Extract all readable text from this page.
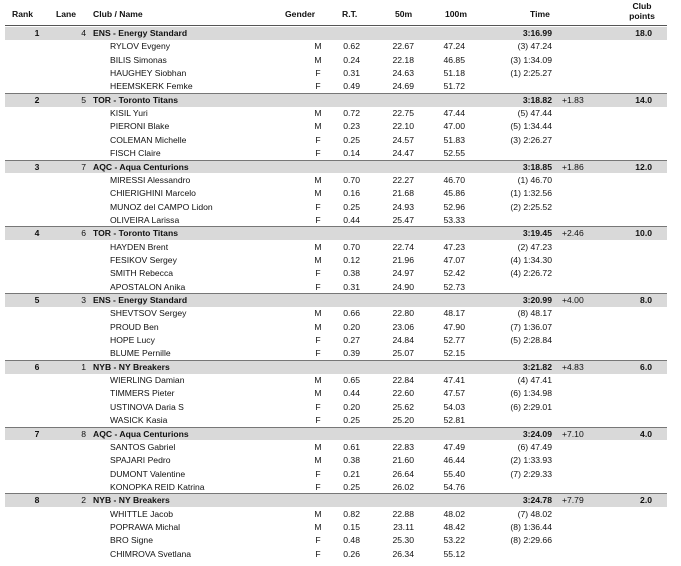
Rank	Lane Club / Name	Gender	R.T.	50m	100m	Time
Club
points
1	4 ENS - Energy Standard	3:16.99	18.0
RYLOV Evgeny	M	0.62	22.67	47.24	(3) 47.24
BILIS Simonas	M	0.24	22.18	46.85	(3) 1:34.09
HAUGHEY Siobhan	F	0.31	24.63	51.18	(1) 2:25.27
HEEMSKERK Femke	F	0.49	24.69	51.72
2	5 TOR - Toronto Titans	3:18.82 +1.83	14.0
KISIL Yuri	M	0.72	22.75	47.44	(5) 47.44
PIERONI Blake	M	0.23	22.10	47.00	(5) 1:34.44
COLEMAN Michelle	F	0.25	24.57	51.83	(3) 2:26.27
FISCH Claire	F	0.14	24.47	52.55
3	7 AQC - Aqua Centurions	3:18.85 +1.86	12.0
MIRESSI Alessandro	M	0.70	22.27	46.70	(1) 46.70
CHIERIGHINI Marcelo	M	0.16	21.68	45.86	(1) 1:32.56
MUNOZ del CAMPO Lidon	F	0.25	24.93	52.96	(2) 2:25.52
OLIVEIRA Larissa	F	0.44	25.47	53.33
4	6 TOR - Toronto Titans	3:19.45 +2.46	10.0
HAYDEN Brent	M	0.70	22.74	47.23	(2) 47.23
FESIKOV Sergey	M	0.12	21.96	47.07	(4) 1:34.30
SMITH Rebecca	F	0.38	24.97	52.42	(4) 2:26.72
APOSTALON Anika	F	0.31	24.90	52.73
5	3 ENS - Energy Standard	3:20.99 +4.00	8.0
SHEVTSOV Sergey	M	0.66	22.80	48.17	(8) 48.17
PROUD Ben	M	0.20	23.06	47.90	(7) 1:36.07
HOPE Lucy	F	0.27	24.84	52.77	(5) 2:28.84
BLUME Pernille	F	0.39	25.07	52.15
6	1 NYB - NY Breakers	3:21.82 +4.83	6.0
WIERLING Damian	M	0.65	22.84	47.41	(4) 47.41
TIMMERS Pieter	M	0.44	22.60	47.57	(6) 1:34.98
USTINOVA Daria S	F	0.20	25.62	54.03	(6) 2:29.01
WASICK Kasia	F	0.25	25.20	52.81
7	8 AQC - Aqua Centurions	3:24.09 +7.10	4.0
SANTOS Gabriel	M	0.61	22.83	47.49	(6) 47.49
SPAJARI Pedro	M	0.38	21.60	46.44	(2) 1:33.93
DUMONT Valentine	F	0.21	26.64	55.40	(7) 2:29.33
KONOPKA REID Katrina	F	0.25	26.02	54.76
8	2 NYB - NY Breakers	3:24.78 +7.79	2.0
WHITTLE Jacob	M	0.82	22.88	48.02	(7) 48.02
POPRAWA Michal	M	0.15	23.11	48.42	(8) 1:36.44
BRO Signe	F	0.48	25.30	53.22	(8) 2:29.66
CHIMROVA Svetlana	F	0.26	26.34	55.12
